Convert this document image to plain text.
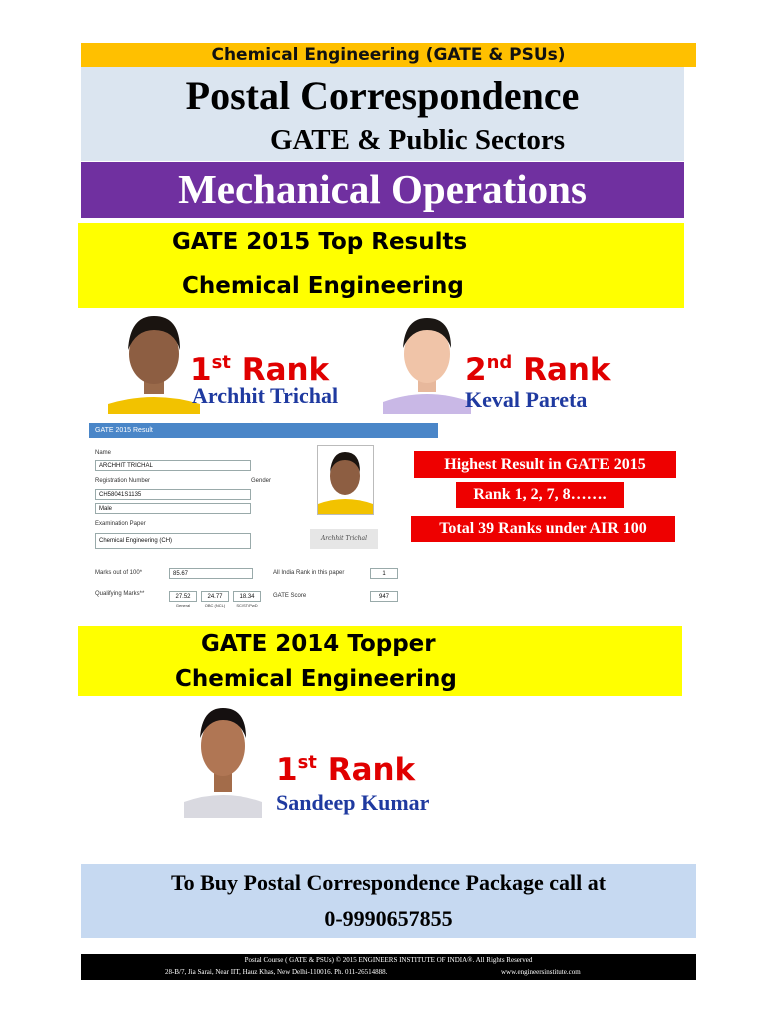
Chemical Engineering (GATE & PSUs)
Postal Correspondence
GATE & Public Sectors
Mechanical Operations
GATE 2015 Top Results
Chemical Engineering
1st Rank
Archhit Trichal
2nd Rank
Keval Pareta
GATE 2015 Result
Name
ARCHHIT TRICHAL
Registration Number	Gender
CH58041S1135
Male
Examination Paper
Chemical Engineering (CH)	Archhit Trichal
Marks out of 100*	85.67	All India Rank in this paper	1
Qualifying Marks**	27.52	24.77	18.34
General	OBC (NCL)	SC/ST/PwD
GATE Score	947
Highest Result in GATE 2015
Rank 1, 2, 7, 8…….
Total 39 Ranks under AIR 100
GATE 2014 Topper
Chemical Engineering
1st Rank
Sandeep Kumar
To Buy Postal Correspondence Package call at
0-9990657855
Postal Course ( GATE & PSUs) © 2015 ENGINEERS INSTITUTE OF INDIA®. All Rights Reserved
28-B/7, Jia Sarai, Near IIT, Hauz Khas, New Delhi-110016. Ph. 011-26514888.	www.engineersinstitute.com
